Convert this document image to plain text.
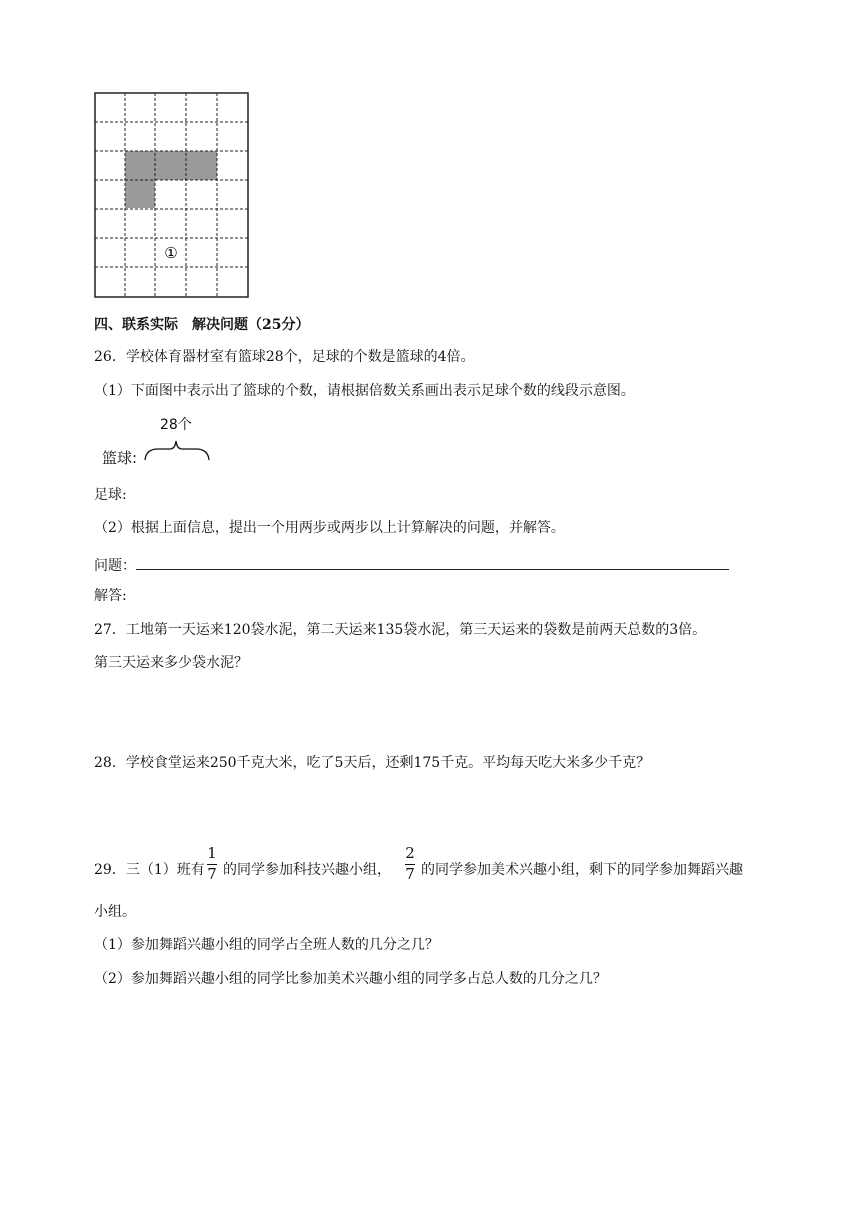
①
四、联系实际　解决问题（25分）
26．学校体育器材室有篮球28个，足球的个数是篮球的4倍。
（1）下面图中表示出了篮球的个数，请根据倍数关系画出表示足球个数的线段示意图。
28个
篮球:
足球:
（2）根据上面信息，提出一个用两步或两步以上计算解决的问题，并解答。
问题：
解答:
27．工地第一天运来120袋水泥，第二天运来135袋水泥，第三天运来的袋数是前两天总数的3倍。
第三天运来多少袋水泥？
28．学校食堂运来250千克大米，吃了5天后，还剩175千克。平均每天吃大米多少千克？
29．三（1）班有
1
7 的同学参加科技兴趣小组，
2
7 的同学参加美术兴趣小组，剩下的同学参加舞蹈兴趣
小组。
（1）参加舞蹈兴趣小组的同学占全班人数的几分之几？
（2）参加舞蹈兴趣小组的同学比参加美术兴趣小组的同学多占总人数的几分之几？
